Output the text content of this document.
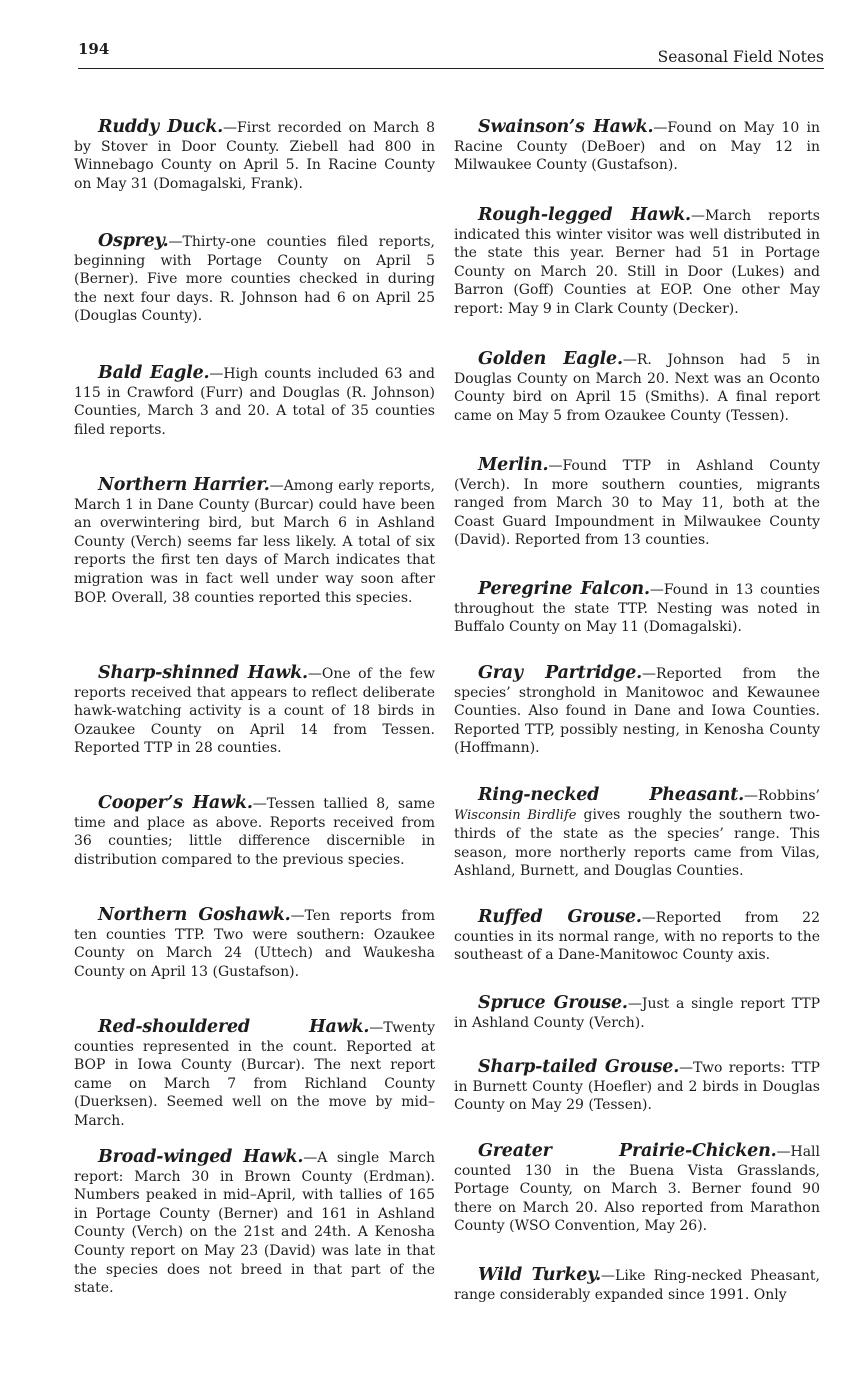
194	Seasonal Field Notes

Ruddy Duck.—First recorded on March 8 by Stover in Door County. Ziebell had 800 in Winnebago County on April 5. In Racine County on May 31 (Domagalski, Frank).

Osprey.—Thirty-one counties filed reports, beginning with Portage County on April 5 (Berner). Five more counties checked in during the next four days. R. Johnson had 6 on April 25 (Douglas County).

Bald Eagle.—High counts included 63 and 115 in Crawford (Furr) and Douglas (R. Johnson) Counties, March 3 and 20. A total of 35 counties filed reports.

Northern Harrier.—Among early reports, March 1 in Dane County (Burcar) could have been an overwintering bird, but March 6 in Ashland County (Verch) seems far less likely. A total of six reports the first ten days of March indicates that migration was in fact well under way soon after BOP. Overall, 38 counties reported this species.

Sharp-shinned Hawk.—One of the few reports received that appears to reflect deliberate hawk-watching activity is a count of 18 birds in Ozaukee County on April 14 from Tessen. Reported TTP in 28 counties.

Cooper’s Hawk.—Tessen tallied 8, same time and place as above. Reports received from 36 counties; little difference discernible in distribution compared to the previous species.

Northern Goshawk.—Ten reports from ten counties TTP. Two were southern: Ozaukee County on March 24 (Uttech) and Waukesha County on April 13 (Gustafson).

Red-shouldered Hawk.—Twenty counties represented in the count. Reported at BOP in Iowa County (Burcar). The next report came on March 7 from Richland County (Duerksen). Seemed well on the move by mid–March.

Broad-winged Hawk.—A single March report: March 30 in Brown County (Erdman). Numbers peaked in mid–April, with tallies of 165 in Portage County (Berner) and 161 in Ashland County (Verch) on the 21st and 24th. A Kenosha County report on May 23 (David) was late in that the species does not breed in that part of the state.

Swainson’s Hawk.—Found on May 10 in Racine County (DeBoer) and on May 12 in Milwaukee County (Gustafson).

Rough-legged Hawk.—March reports indicated this winter visitor was well distributed in the state this year. Berner had 51 in Portage County on March 20. Still in Door (Lukes) and Barron (Goff) Counties at EOP. One other May report: May 9 in Clark County (Decker).

Golden Eagle.—R. Johnson had 5 in Douglas County on March 20. Next was an Oconto County bird on April 15 (Smiths). A final report came on May 5 from Ozaukee County (Tessen).

Merlin.—Found TTP in Ashland County (Verch). In more southern counties, migrants ranged from March 30 to May 11, both at the Coast Guard Impoundment in Milwaukee County (David). Reported from 13 counties.

Peregrine Falcon.—Found in 13 counties throughout the state TTP. Nesting was noted in Buffalo County on May 11 (Domagalski).

Gray Partridge.—Reported from the species’ stronghold in Manitowoc and Kewaunee Counties. Also found in Dane and Iowa Counties. Reported TTP, possibly nesting, in Kenosha County (Hoffmann).

Ring-necked Pheasant.—Robbins’ Wisconsin Birdlife gives roughly the southern two-thirds of the state as the species’ range. This season, more northerly reports came from Vilas, Ashland, Burnett, and Douglas Counties.

Ruffed Grouse.—Reported from 22 counties in its normal range, with no reports to the southeast of a Dane-Manitowoc County axis.

Spruce Grouse.—Just a single report TTP in Ashland County (Verch).

Sharp-tailed Grouse.—Two reports: TTP in Burnett County (Hoefler) and 2 birds in Douglas County on May 29 (Tessen).

Greater Prairie-Chicken.—Hall counted 130 in the Buena Vista Grasslands, Portage County, on March 3. Berner found 90 there on March 20. Also reported from Marathon County (WSO Convention, May 26).

Wild Turkey.—Like Ring-necked Pheasant, range considerably expanded since 1991. Only
